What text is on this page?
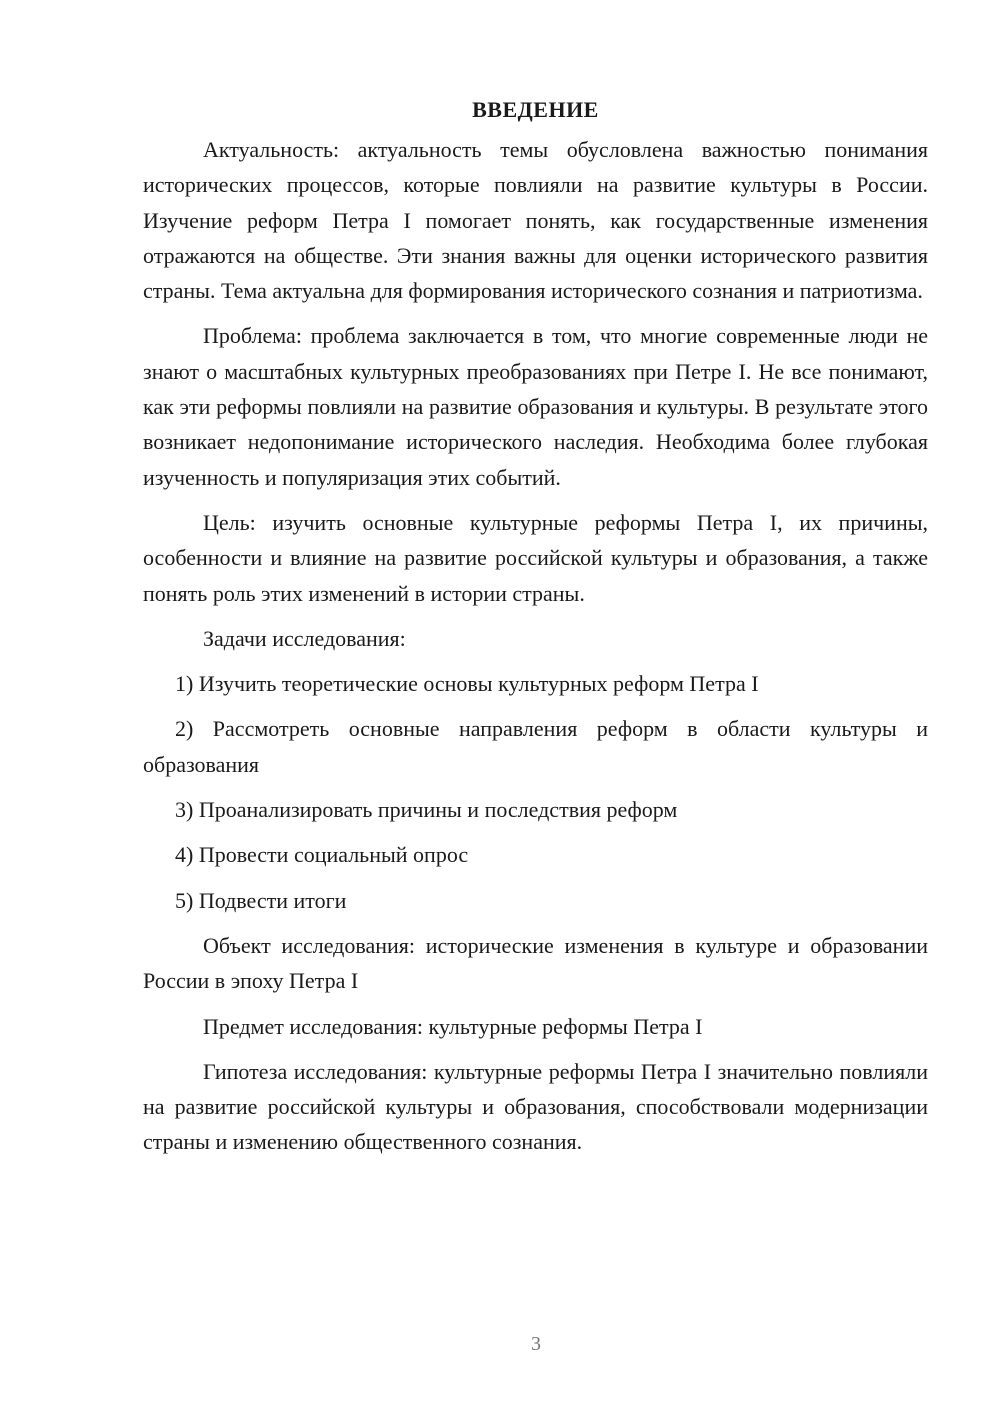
ВВЕДЕНИЕ

Актуальность: актуальность темы обусловлена важностью понимания исторических процессов, которые повлияли на развитие культуры в России. Изучение реформ Петра I помогает понять, как государственные изменения отражаются на обществе. Эти знания важны для оценки исторического развития страны. Тема актуальна для формирования исторического сознания и патриотизма.

Проблема: проблема заключается в том, что многие современные люди не знают о масштабных культурных преобразованиях при Петре I. Не все понимают, как эти реформы повлияли на развитие образования и культуры. В результате этого возникает недопонимание исторического наследия. Необходима более глубокая изученность и популяризация этих событий.

Цель: изучить основные культурные реформы Петра I, их причины, особенности и влияние на развитие российской культуры и образования, а также понять роль этих изменений в истории страны.

Задачи исследования:

1) Изучить теоретические основы культурных реформ Петра I

2) Рассмотреть основные направления реформ в области культуры и образования

3) Проанализировать причины и последствия реформ

4) Провести социальный опрос

5) Подвести итоги

Объект исследования: исторические изменения в культуре и образовании России в эпоху Петра I

Предмет исследования: культурные реформы Петра I

Гипотеза исследования: культурные реформы Петра I значительно повлияли на развитие российской культуры и образования, способствовали модернизации страны и изменению общественного сознания.

3
